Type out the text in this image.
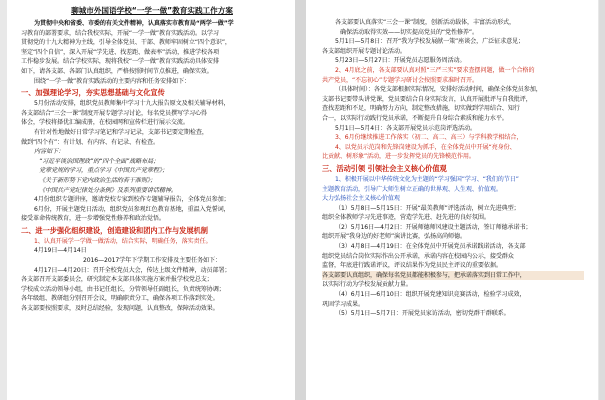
聊城市外国语学校“一学一做”教育实践工作方案
为贯彻中央和省委、市委的有关文件精神，认真落实市教育局“两学一做”学
习教育的部署要求，结合我校实际，开展“一学一做”教育实践活动。以学习
贯彻党的十九大精神为主线，引导全体党员、干部、教师牢固树立“四个意识”，
坚定“四个自信”，深入开展“学先进、找差距、做表率”活动，推进学校各项
工作稳步发展。结合学校实际，现将我校“一学一做”教育实践活动具体安排
如下，请各支部、各部门认真组织，严格按照时间节点推进，确保实效。
围绕“一学一做”教育实践活动的主要内容和任务安排如下：
一、加强理论学习，夯实思想基础与文化宣传
5月份活动安排，组织党员教师集中学习十九大报告原文及相关辅导材料，
各支部结合“三会一课”制度开展专题学习讨论，每名党员撰写学习心得
体会，学校将择优汇编成册，在校园网和宣传栏进行展示交流。
有针对性地做好日常学习笔记和学习记录，支部书记要定期检查，
做到“四个有”：有计划、有内容、有记录、有检查。
内容如下：
“习近平谈治国理政”的“四个全面”战略布局；
党章党规的学习，重点学习《中国共产党章程》；
《关于新形势下党内政治生活的若干准则》；
《中国共产党纪律处分条例》及系列重要讲话精神。
4月份组织专题讲座，邀请党校专家到校作专题辅导报告，全体党员参加；
6月份，开展主题党日活动，组织党员参观红色教育基地，重温入党誓词，
接受革命传统教育，进一步增强党性修养和政治觉悟。
二、进一步强化组织建设，创造建设和团内工作与发展机制
1、认真开展学一学做一做活动，结合实际，明确任务，落实责任。
4月19日—4月14日
2016—2017学年下学期工作安排及主要任务如下：
4月17日—4月20日：召开全校党员大会，传达上级文件精神，动员部署；
各支部召开支部委员会，研究制定本支部具体实施方案并报学校党总支；
学校成立活动领导小组，由书记任组长，分管领导任副组长，负责统筹协调；
各年级组、教研组分别召开会议，明确职责分工，确保各项工作落到实处。
各支部要按照要求，及时总结经验，发现问题，认真整改，保障活动效果。
各支部要认真落实“三会一课”制度，创新活动载体，丰富活动形式，
确保活动取得实效——切实提高党员的“党性修养”。
5月1日—5月8日：召开“我为学校发展献一策”座谈会，广泛征求意见；
各支部组织开展专题讨论活动。
5月23日—5月27日：开展党员志愿服务周活动。
2、4月底之前，各支部要认真对照“三严三实”要求查摆问题，做一个合格的
共产党员，“不忘初心”专题学习研讨会按照要求准时召开。
（具体时间）：各党支部根据实际情况，安排好活动时间，确保全体党员参加，
支部书记要带头讲党课，党员要结合自身实际发言，认真开展批评与自我批评，
查找差距和不足，明确努力方向，制定整改措施，切实做到学用结合、知行
合一，以实际行动践行党员承诺，不断提升自身综合素质和能力水平。
5月1日—5月4日：各支部开展党员示范岗评选活动。
3、6月份继续推进工作落实（初二、高二、高三）与学科教学相结合，
4、以党员示范岗和先锋岗建设为抓手，在全体党员中开展“亮身份、
比贡献、树形象”活动，进一步发挥党员的先锋模范作用。
三、活动引领 引领社会主义核心价值观
1、积极开展以中华传统文化为主题的“学习强国”学习、“我们的节日”
主题教育活动，引导广大师生树立正确的世界观、人生观、价值观。
大力弘扬社会主义核心价值观
（1）5月8日—5月15日：开展“最美教师”评选活动，树立先进典型；
组织全体教师学习先进事迹，营造学先进、赶先进的良好氛围。
（2）5月16日—4月2日：开展师德师风建设主题活动，签订师德承诺书；
组织开展“我身边的好老师”演讲比赛，弘扬高尚师德。
（3）4月8日—4月19日：在全体党员中开展党员承诺践诺活动，各支部
组织党员结合岗位实际作出公开承诺，承诺内容在校园内公示，接受群众
监督，年底进行践诺评议，评议结果作为党员民主评议的重要依据。
各支部要认真组织，确保每名党员都能积极参与，把承诺落实到日常工作中，
以实际行动为学校发展贡献力量。
（4）6月1日—6月10日：组织开展党建知识竞赛活动，检验学习成效，
巩固学习成果。
（5）5月1日—5月7日：开展党员家访活动，密切党群干群联系。
